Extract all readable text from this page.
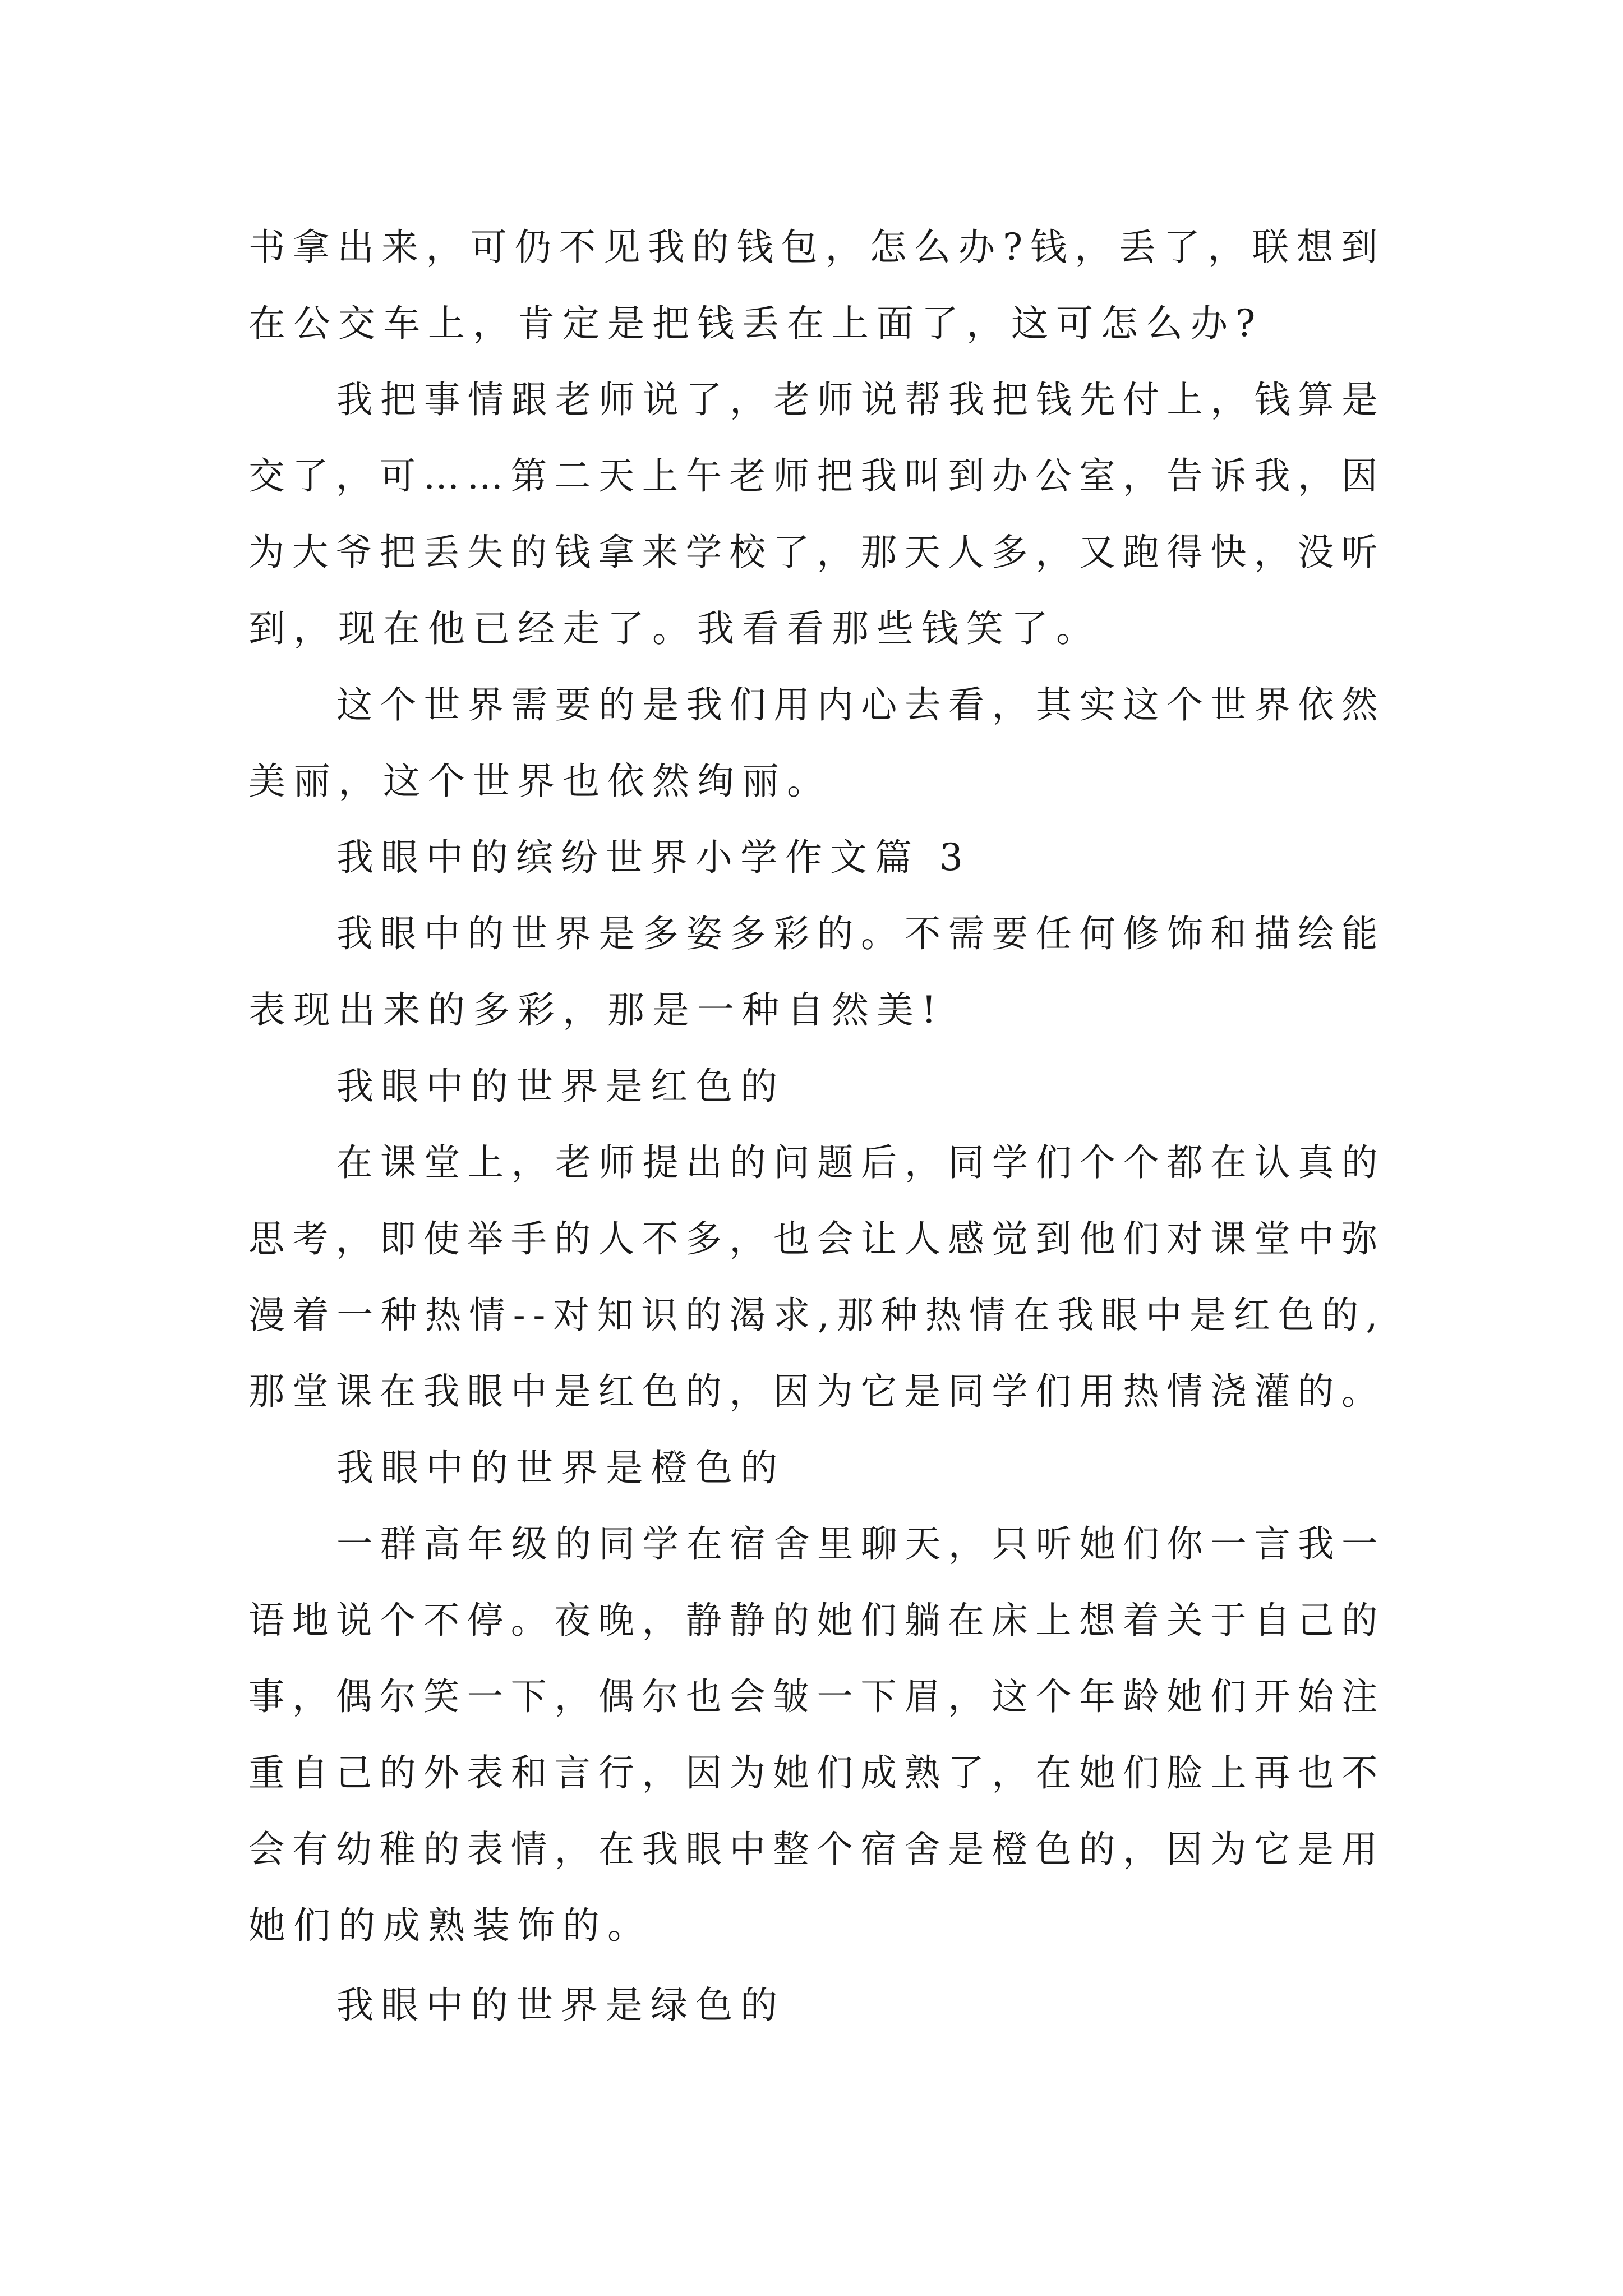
书拿出来，可仍不见我的钱包，怎么办?钱，丢了，联想到
在公交车上，肯定是把钱丢在上面了，这可怎么办?
我把事情跟老师说了，老师说帮我把钱先付上，钱算是
交了，可……第二天上午老师把我叫到办公室，告诉我，因
为大爷把丢失的钱拿来学校了，那天人多，又跑得快，没听
到，现在他已经走了。我看看那些钱笑了。
这个世界需要的是我们用内心去看，其实这个世界依然
美丽，这个世界也依然绚丽。
我眼中的缤纷世界小学作文篇 3
我眼中的世界是多姿多彩的。不需要任何修饰和描绘能
表现出来的多彩，那是一种自然美!
我眼中的世界是红色的
在课堂上，老师提出的问题后，同学们个个都在认真的
思考，即使举手的人不多，也会让人感觉到他们对课堂中弥
漫着一种热情--对知识的渴求,那种热情在我眼中是红色的,
那堂课在我眼中是红色的，因为它是同学们用热情浇灌的。
我眼中的世界是橙色的
一群高年级的同学在宿舍里聊天，只听她们你一言我一
语地说个不停。夜晚，静静的她们躺在床上想着关于自己的
事，偶尔笑一下，偶尔也会皱一下眉，这个年龄她们开始注
重自己的外表和言行，因为她们成熟了，在她们脸上再也不
会有幼稚的表情，在我眼中整个宿舍是橙色的，因为它是用
她们的成熟装饰的。
我眼中的世界是绿色的
